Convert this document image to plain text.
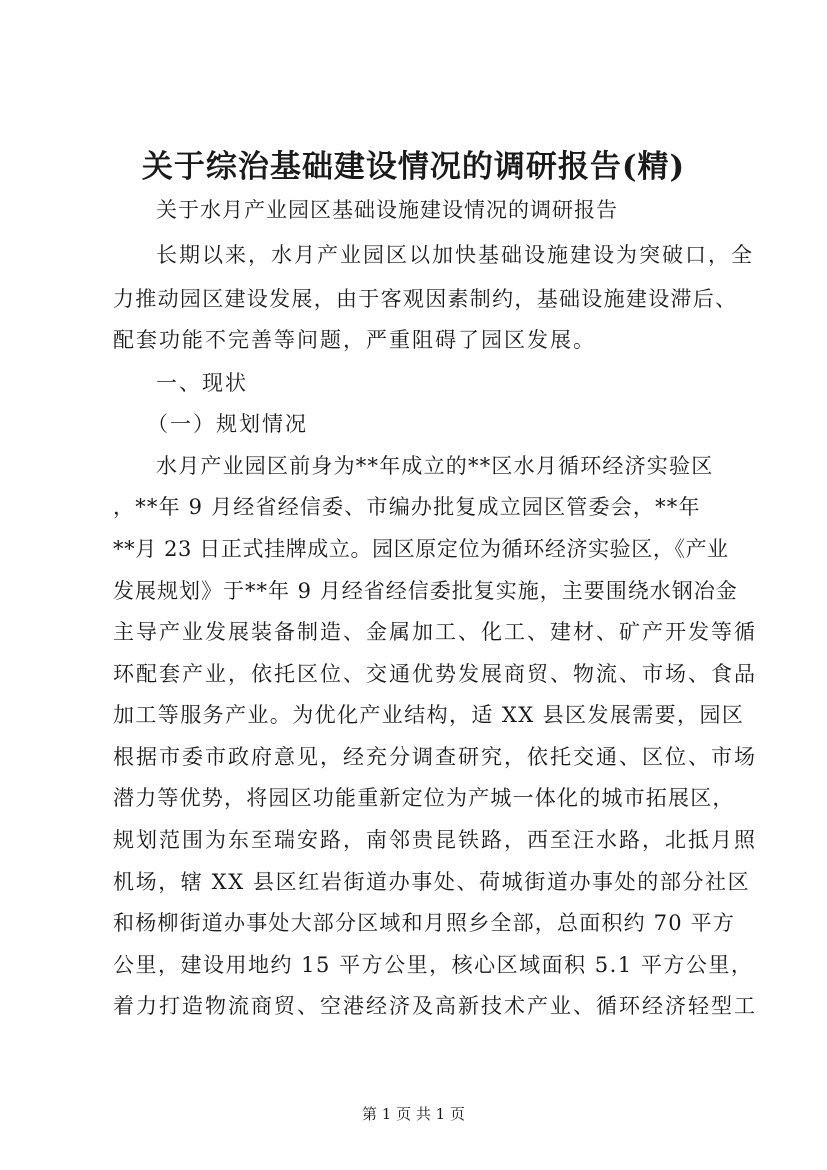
关于综治基础建设情况的调研报告(精)
关于水月产业园区基础设施建设情况的调研报告
长期以来，水月产业园区以加快基础设施建设为突破口，全
力推动园区建设发展，由于客观因素制约，基础设施建设滞后、
配套功能不完善等问题，严重阻碍了园区发展。
一、现状
（一）规划情况
水月产业园区前身为**年成立的**区水月循环经济实验区
，**年 9 月经省经信委、市编办批复成立园区管委会，**年
**月 23 日正式挂牌成立。园区原定位为循环经济实验区，《产业
发展规划》于**年 9 月经省经信委批复实施，主要围绕水钢冶金
主导产业发展装备制造、金属加工、化工、建材、矿产开发等循
环配套产业，依托区位、交通优势发展商贸、物流、市场、食品
加工等服务产业。为优化产业结构，适 XX 县区发展需要，园区
根据市委市政府意见，经充分调查研究，依托交通、区位、市场
潜力等优势，将园区功能重新定位为产城一体化的城市拓展区，
规划范围为东至瑞安路，南邻贵昆铁路，西至汪水路，北抵月照
机场，辖 XX 县区红岩街道办事处、荷城街道办事处的部分社区
和杨柳街道办事处大部分区域和月照乡全部，总面积约 70 平方
公里，建设用地约 15 平方公里，核心区域面积 5.1 平方公里，
着力打造物流商贸、空港经济及高新技术产业、循环经济轻型工
第 1 页 共 1 页
